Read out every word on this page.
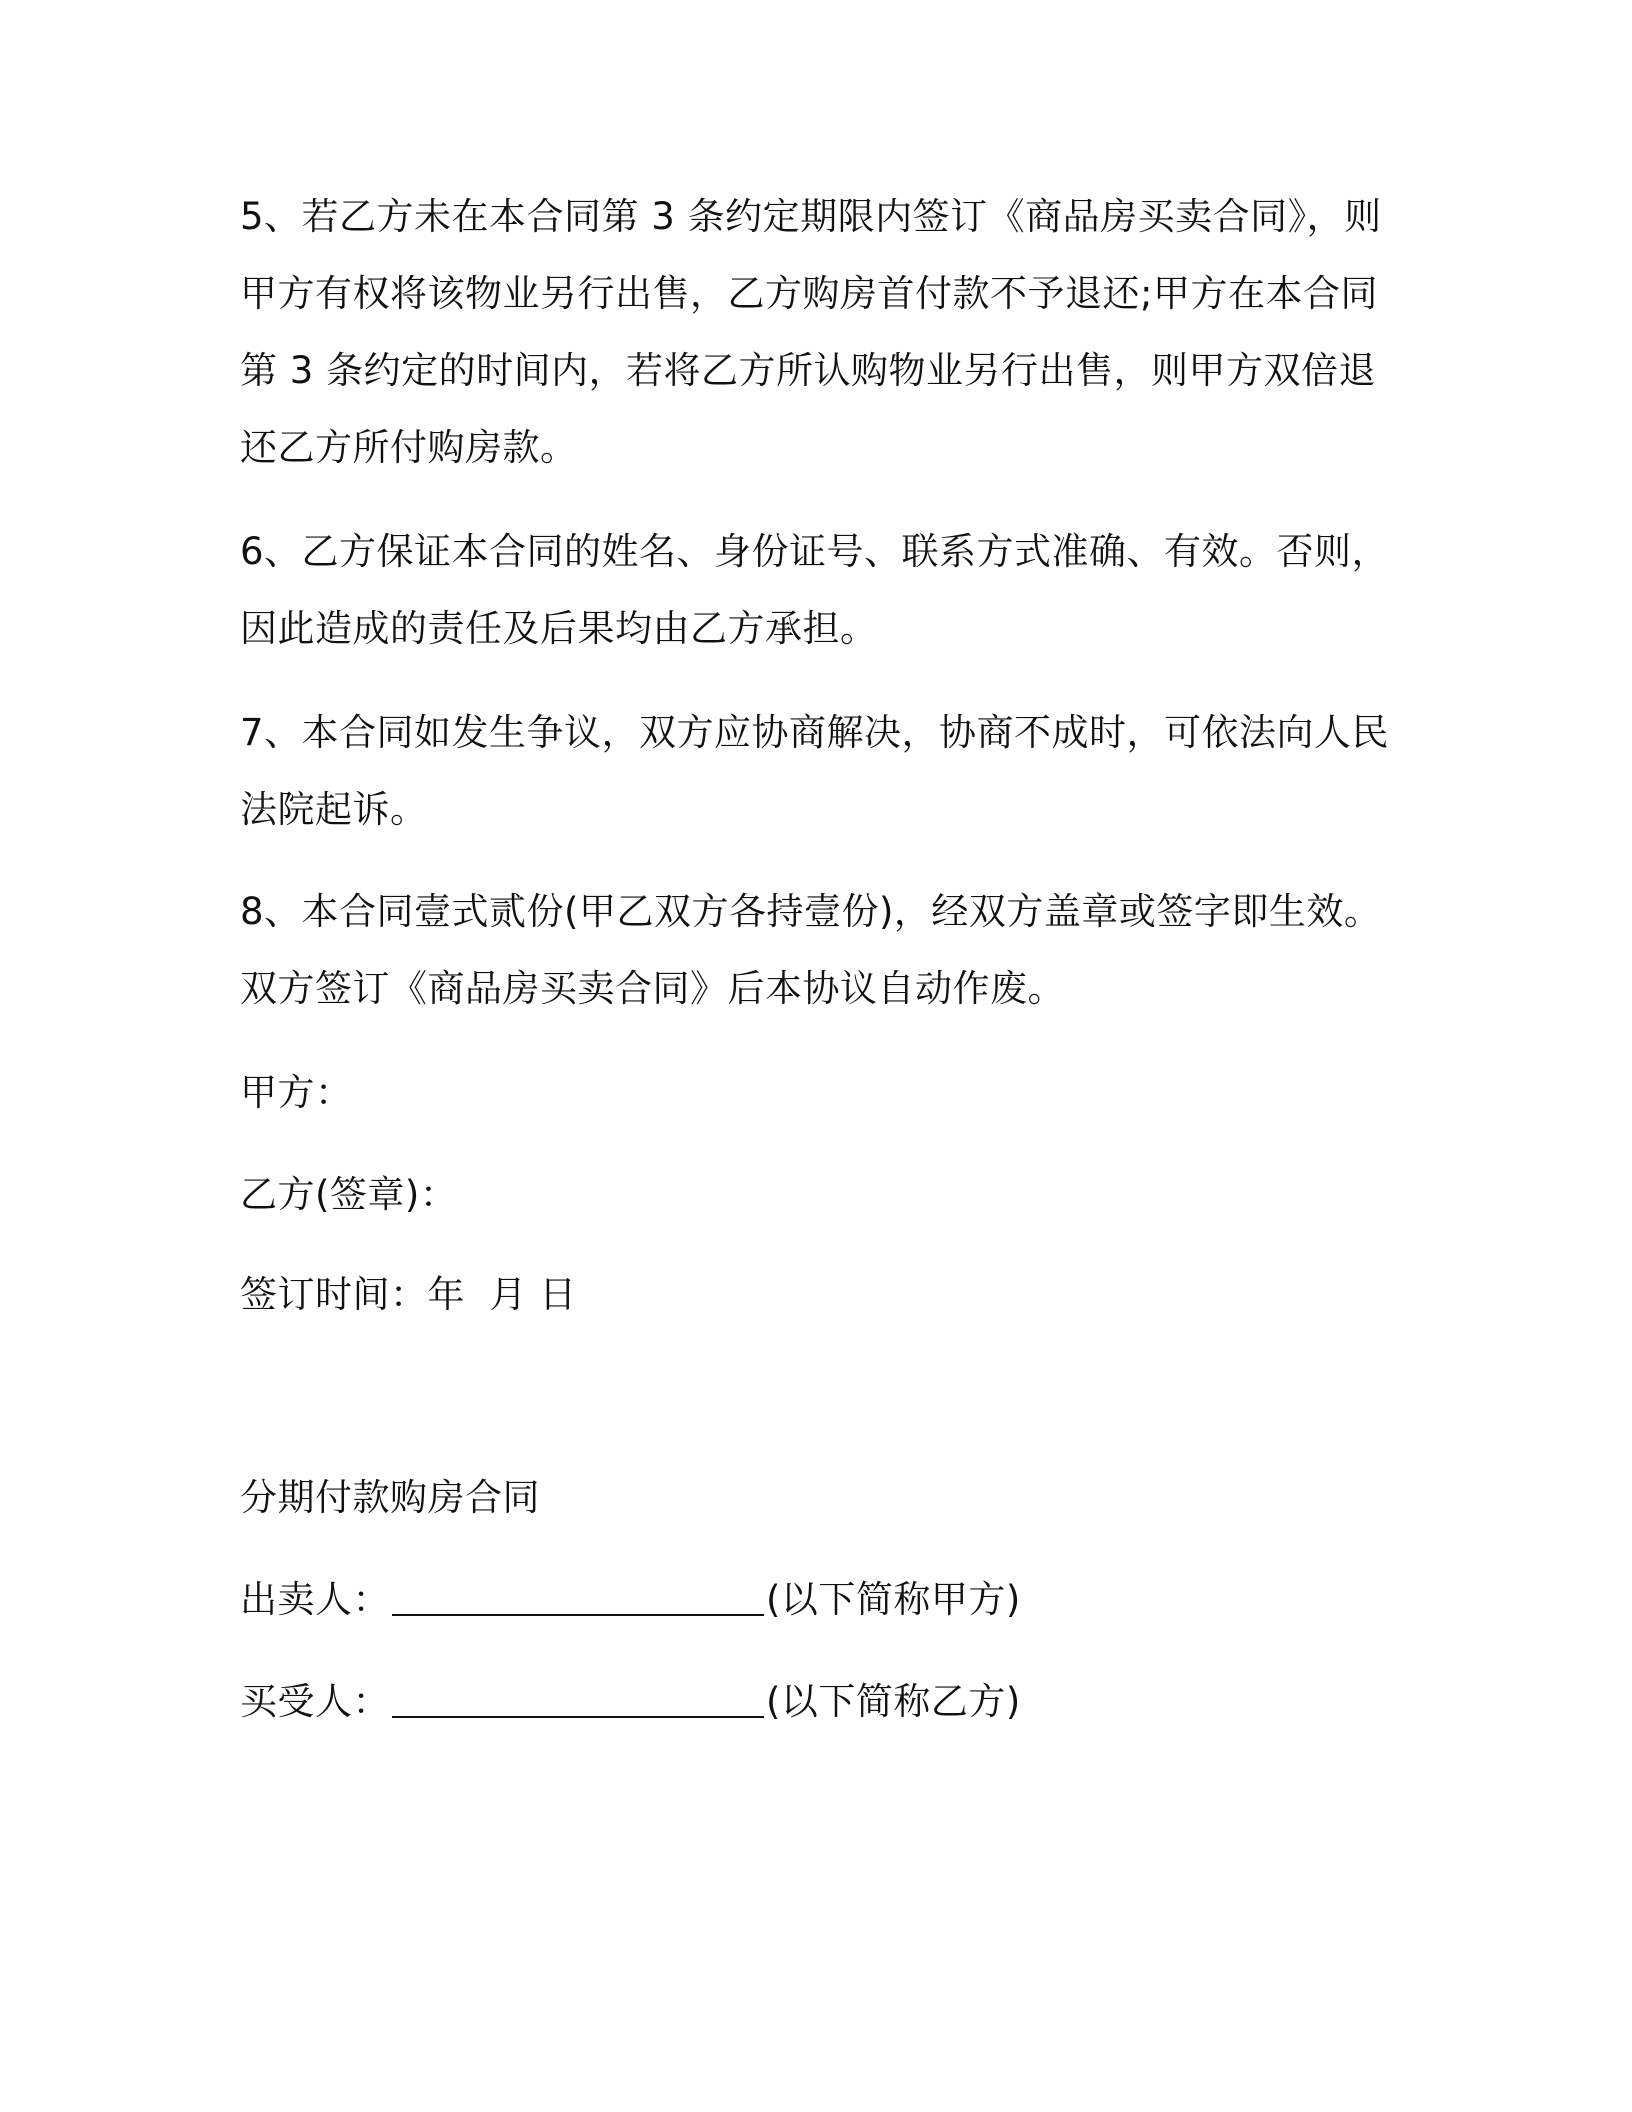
5、若乙方未在本合同第 3 条约定期限内签订《商品房买卖合同》，则
甲方有权将该物业另行出售，乙方购房首付款不予退还;甲方在本合同
第 3 条约定的时间内，若将乙方所认购物业另行出售，则甲方双倍退
还乙方所付购房款。
6、乙方保证本合同的姓名、身份证号、联系方式准确、有效。否则，
因此造成的责任及后果均由乙方承担。
7、本合同如发生争议，双方应协商解决，协商不成时，可依法向人民
法院起诉。
8、本合同壹式贰份(甲乙双方各持壹份)，经双方盖章或签字即生效。
双方签订《商品房买卖合同》后本协议自动作废。
甲方：
乙方(签章)：
签订时间：年  月 日
分期付款购房合同
出卖人：	(以下简称甲方)
买受人：	(以下简称乙方)
